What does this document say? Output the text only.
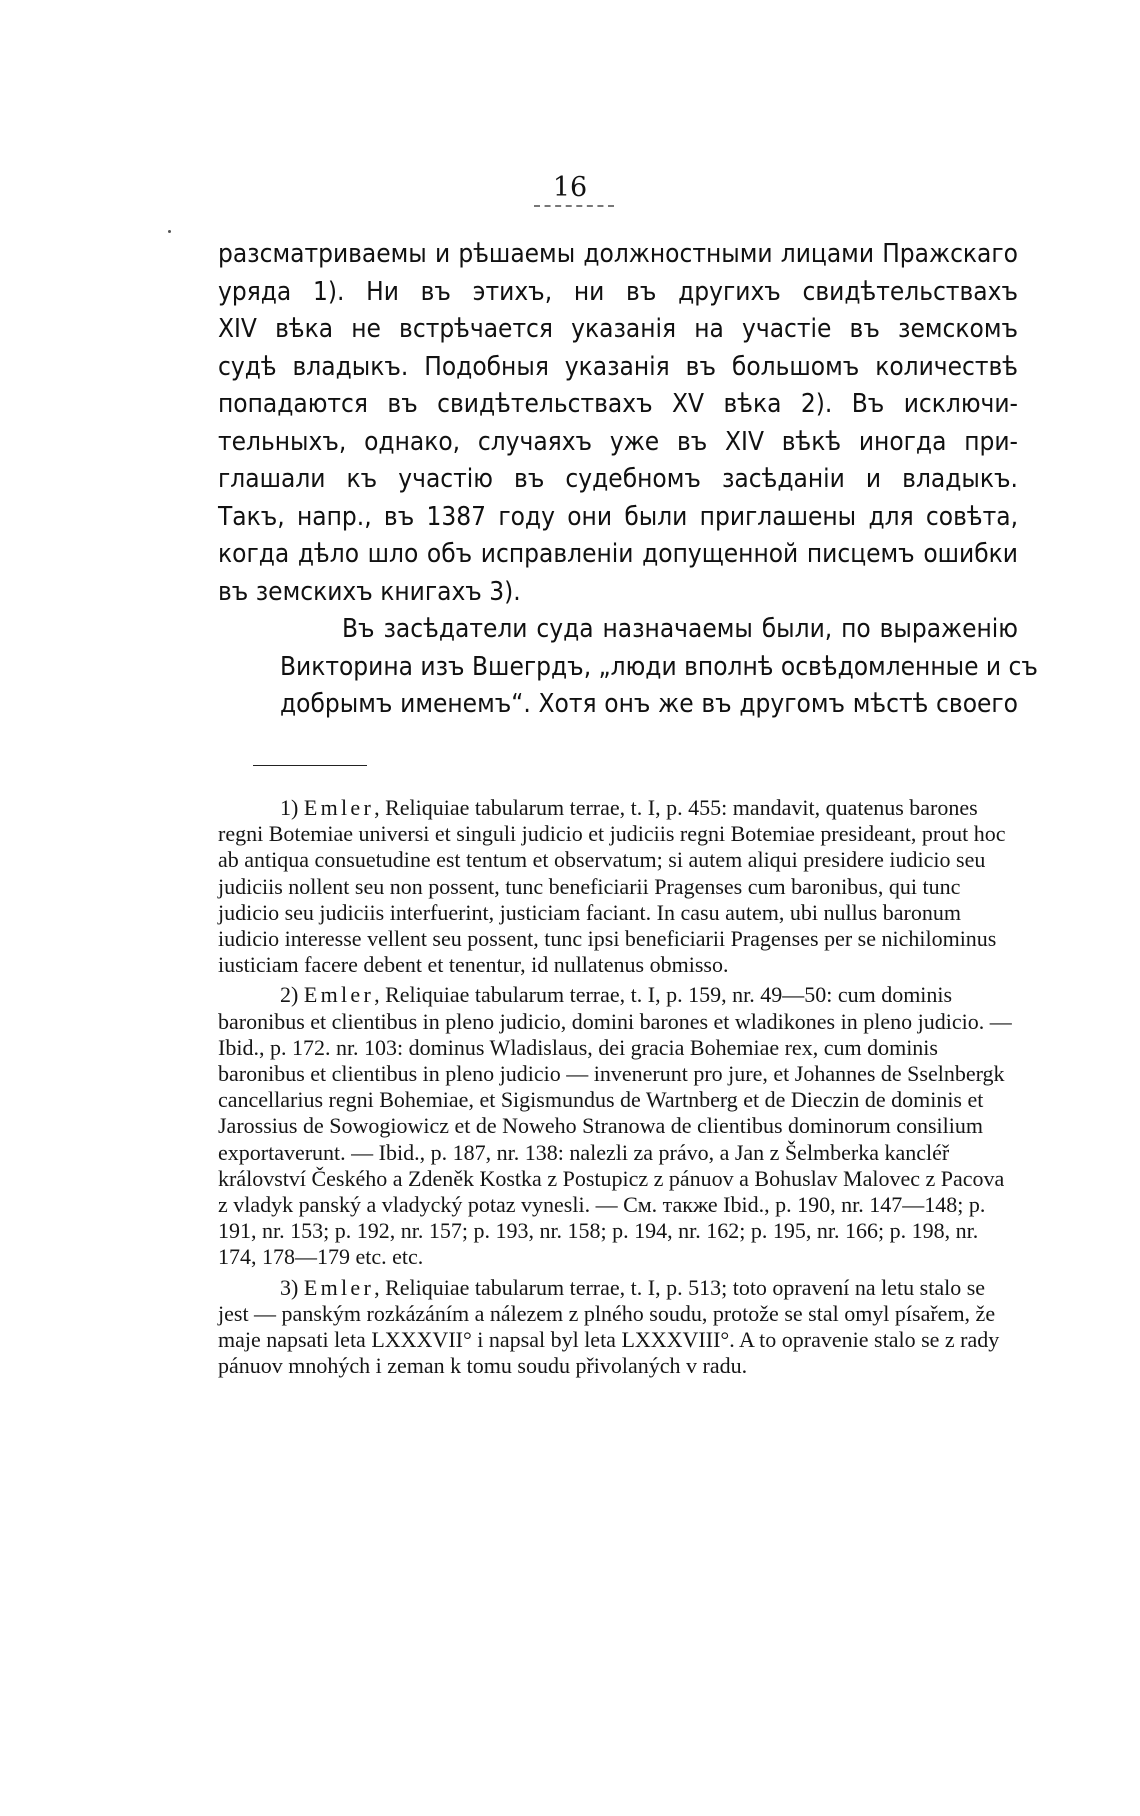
16

разсматриваемы и рѣшаемы должностными лицами Пражскаго
уряда 1). Ни въ этихъ, ни въ другихъ свидѣтельствахъ
XIV вѣка не встрѣчается указанія на участіе въ земскомъ
судѣ владыкъ. Подобныя указанія въ большомъ количествѣ
попадаются въ свидѣтельствахъ XV вѣка 2). Въ исключи-
тельныхъ, однако, случаяхъ уже въ XIV вѣкѣ иногда при-
глашали къ участію въ судебномъ засѣданіи и владыкъ.
Такъ, напр., въ 1387 году они были приглашены для совѣта,
когда дѣло шло объ исправленіи допущенной писцемъ ошибки
въ земскихъ книгахъ 3).

Въ засѣдатели суда назначаемы были, по выраженію
Викторина изъ Вшегрдъ, „люди вполнѣ освѣдомленные и съ
добрымъ именемъ“. Хотя онъ же въ другомъ мѣстѣ своего

1) Emler, Reliquiae tabularum terrae, t. I, p. 455: mandavit, quatenus barones regni Botemiae universi et singuli judicio et judiciis regni Botemiae presideant, prout hoc ab antiqua consuetudine est tentum et observatum; si autem aliqui presidere iudicio seu judiciis nollent seu non possent, tunc beneficiarii Pragenses cum baronibus, qui tunc judicio seu judiciis interfuerint, justiciam faciant. In casu autem, ubi nullus baronum iudicio interesse vellent seu possent, tunc ipsi beneficiarii Pragenses per se nichilominus iusticiam facere debent et tenentur, id nullatenus obmisso.

2) Emler, Reliquiae tabularum terrae, t. I, p. 159, nr. 49—50: cum dominis baronibus et clientibus in pleno judicio, domini barones et wladikones in pleno judicio. — Ibid., p. 172. nr. 103: dominus Wladislaus, dei gracia Bohemiae rex, cum dominis baronibus et clientibus in pleno judicio — invenerunt pro jure, et Johannes de Sselnbergk cancellarius regni Bohemiae, et Sigismundus de Wartnberg et de Dieczin de dominis et Jarossius de Sowogiowicz et de Noweho Stranowa de clientibus dominorum consilium exportaverunt. — Ibid., p. 187, nr. 138: nalezli za právo, a Jan z Šelmberka kancléř království Českého a Zdeněk Kostka z Postupicz z pánuov a Bohuslav Malovec z Pacova z vladyk panský a vladycký potaz vynesli. — См. также Ibid., p. 190, nr. 147—148; p. 191, nr. 153; p. 192, nr. 157; p. 193, nr. 158; p. 194, nr. 162; p. 195, nr. 166; p. 198, nr. 174, 178—179 etc. etc.

3) Emler, Reliquiae tabularum terrae, t. I, p. 513; toto opravení na letu stalo se jest — panským rozkázáním a nálezem z plného soudu, protože se stal omyl písařem, že maje napsati leta LXXXVII° i napsal byl leta LXXXVIII°. A to opravenie stalo se z rady pánuov mnohých i zeman k tomu soudu přivolaných v radu.
